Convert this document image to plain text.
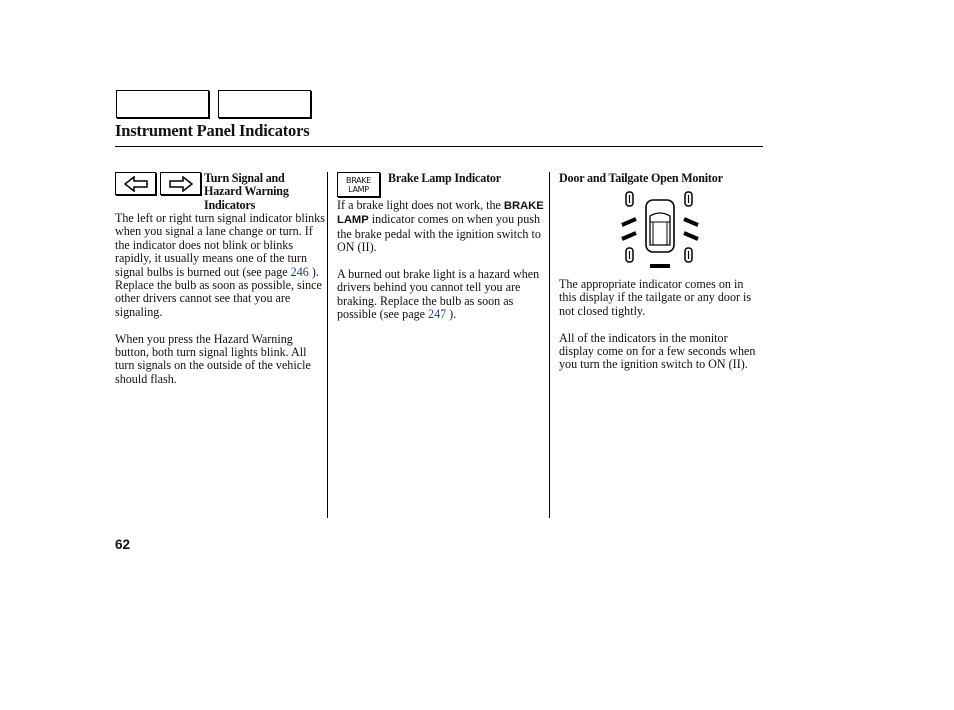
Instrument Panel Indicators
Turn Signal and Hazard Warning Indicators

The left or right turn signal indicator blinks when you signal a lane change or turn. If the indicator does not blink or blinks rapidly, it usually means one of the turn signal bulbs is burned out (see page 246 ). Replace the bulb as soon as possible, since other drivers cannot see that you are signaling.

When you press the Hazard Warning button, both turn signal lights blink. All turn signals on the outside of the vehicle should flash.

BRAKE
LAMP
Brake Lamp Indicator

If a brake light does not work, the BRAKE LAMP indicator comes on when you push the brake pedal with the ignition switch to ON (II).

A burned out brake light is a hazard when drivers behind you cannot tell you are braking. Replace the bulb as soon as possible (see page 247 ).

Door and Tailgate Open Monitor

The appropriate indicator comes on in this display if the tailgate or any door is not closed tightly.

All of the indicators in the monitor display come on for a few seconds when you turn the ignition switch to ON (II).

62
